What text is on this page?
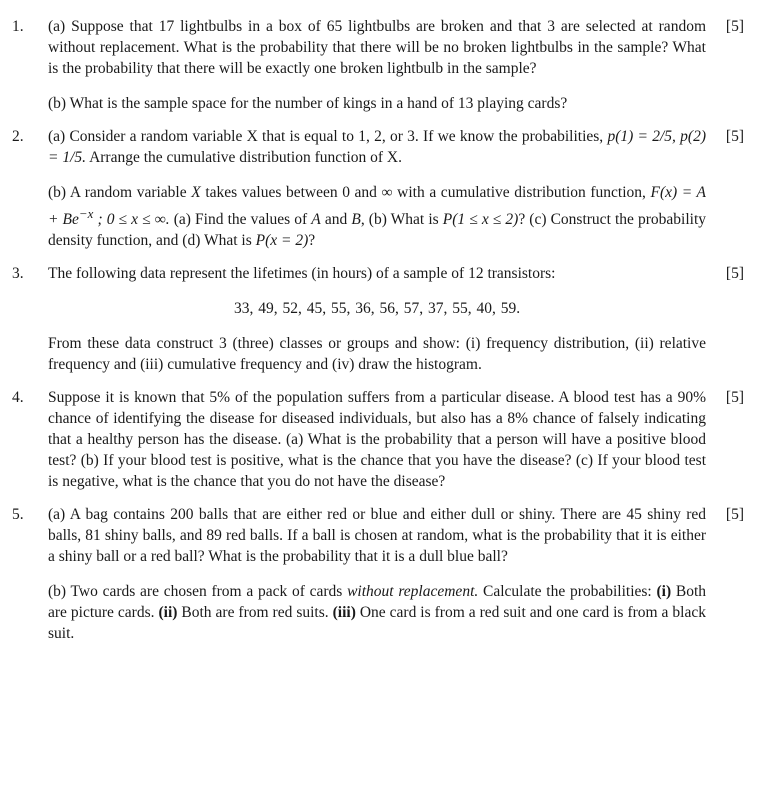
1.	[5]

(a) Suppose that 17 lightbulbs in a box of 65 lightbulbs are broken and that 3 are selected at random without replacement. What is the probability that there will be no broken lightbulbs in the sample? What is the probability that there will be exactly one broken lightbulb in the sample?

(b) What is the sample space for the number of kings in a hand of 13 playing cards?

2.	[5]

(a) Consider a random variable X that is equal to 1, 2, or 3. If we know the probabilities, p(1) = 2/5, p(2) = 1/5. Arrange the cumulative distribution function of X.

(b) A random variable X takes values between 0 and ∞ with a cumulative distribution function, $F(x) = A + Be^{-x}$ ; 0 ≤ x ≤ ∞. (a) Find the values of A and B, (b) What is P(1 ≤ x ≤ 2)? (c) Construct the probability density function, and (d) What is P(x = 2)?

3.	[5]

The following data represent the lifetimes (in hours) of a sample of 12 transistors:

33, 49, 52, 45, 55, 36, 56, 57, 37, 55, 40, 59.

From these data construct 3 (three) classes or groups and show: (i) frequency distribution, (ii) relative frequency and (iii) cumulative frequency and (iv) draw the histogram.

4.	[5]

Suppose it is known that 5% of the population suffers from a particular disease. A blood test has a 90% chance of identifying the disease for diseased individuals, but also has a 8% chance of falsely indicating that a healthy person has the disease. (a) What is the probability that a person will have a positive blood test? (b) If your blood test is positive, what is the chance that you have the disease? (c) If your blood test is negative, what is the chance that you do not have the disease?

5.	[5]

(a) A bag contains 200 balls that are either red or blue and either dull or shiny. There are 45 shiny red balls, 81 shiny balls, and 89 red balls. If a ball is chosen at random, what is the probability that it is either a shiny ball or a red ball? What is the probability that it is a dull blue ball?

(b) Two cards are chosen from a pack of cards without replacement. Calculate the probabilities: (i) Both are picture cards. (ii) Both are from red suits. (iii) One card is from a red suit and one card is from a black suit.
